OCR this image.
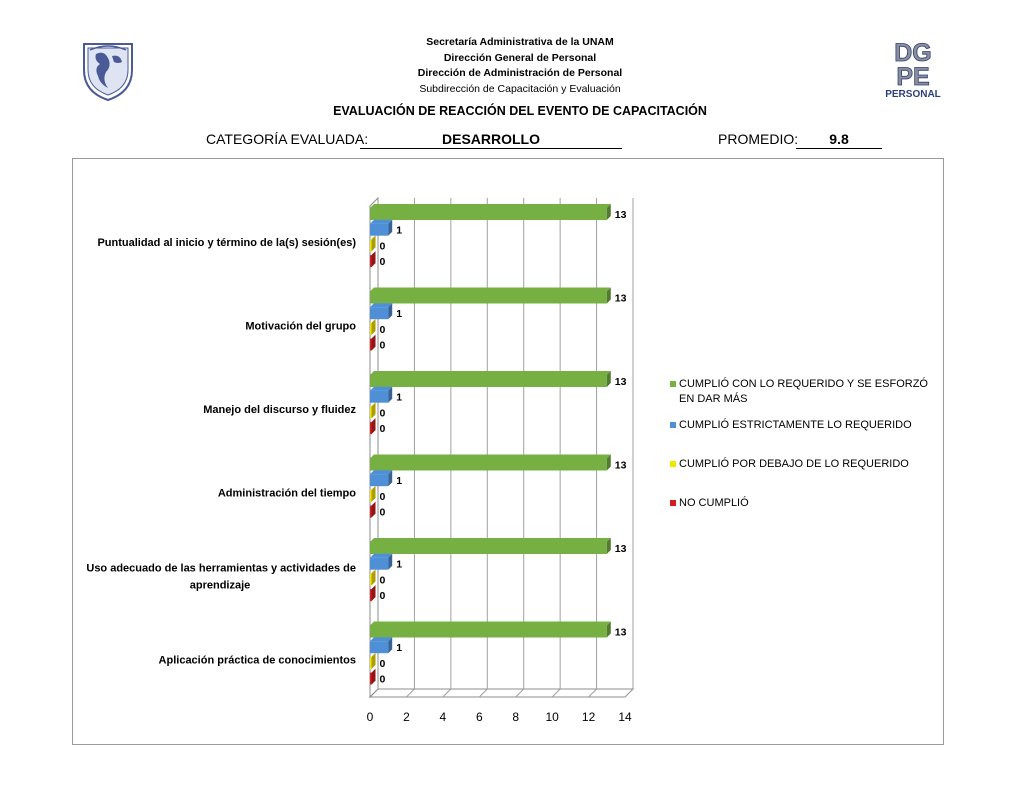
Secretaría Administrativa de la UNAM
Dirección General de Personal
Dirección de Administración de Personal
Subdirección de Capacitación y Evaluación
DG
PE
PERSONAL
EVALUACIÓN DE REACCIÓN DEL EVENTO DE CAPACITACIÓN
CATEGORÍA EVALUADA:	DESARROLLO	PROMEDIO:	9.8
0 2 4 6 8 10 12 14
13
1
0
0
13
1
0
0
13
1
0
0
13
1
0
0
13
1
0
0
13
1
0
0
Puntualidad al inicio y término de la(s) sesión(es)
Motivación del grupo
Manejo del discurso y fluidez
Administración del tiempo
Uso adecuado de las herramientas y actividades de
aprendizaje
Aplicación práctica de conocimientos
CUMPLIÓ CON LO REQUERIDO Y SE ESFORZÓ EN DAR MÁS
CUMPLIÓ ESTRICTAMENTE LO REQUERIDO
CUMPLIÓ POR DEBAJO DE LO REQUERIDO
NO CUMPLIÓ
